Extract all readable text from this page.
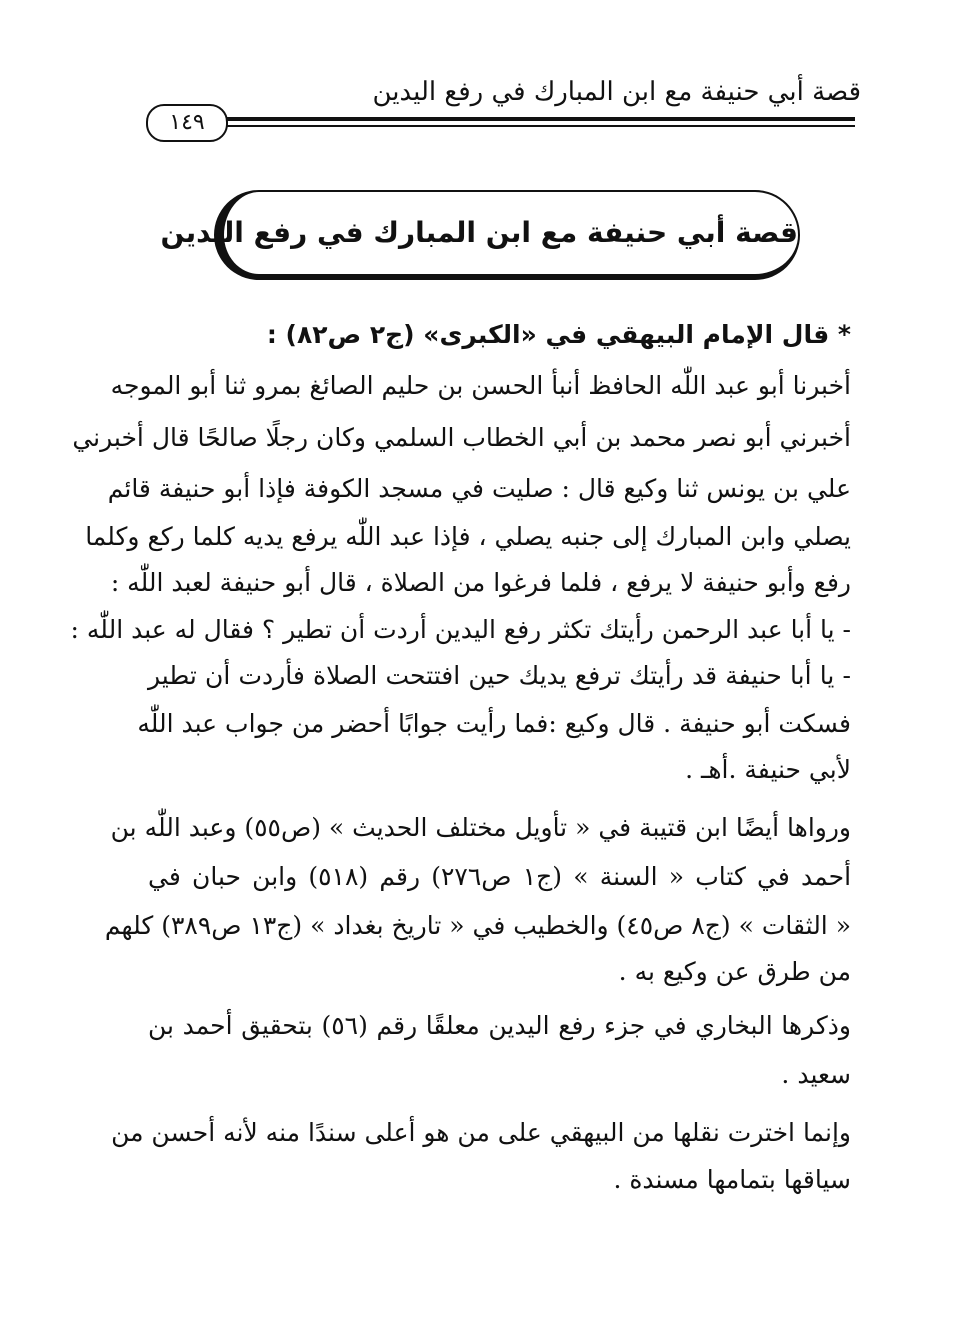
قصة أبي حنيفة مع ابن المبارك في رفع اليدين
١٤٩
قصة أبي حنيفة مع ابن المبارك في رفع اليدين
* قال الإمام البيهقي في «الكبرى» (ج٢ ص٨٢) :
أخبرنا أبو عبد اللّٰه الحافظ أنبأ الحسن بن حليم الصائغ بمرو ثنا أبو الموجه
أخبرني أبو نصر محمد بن أبي الخطاب السلمي وكان رجلًا صالحًا قال أخبرني
علي بن يونس ثنا وكيع قال : صليت في مسجد الكوفة فإذا أبو حنيفة قائم
يصلي وابن المبارك إلى جنبه يصلي ، فإذا عبد اللّٰه يرفع يديه كلما ركع وكلما
رفع وأبو حنيفة لا يرفع ، فلما فرغوا من الصلاة ، قال أبو حنيفة لعبد اللّٰه :
- يا أبا عبد الرحمن رأيتك تكثر رفع اليدين أردت أن تطير ؟ فقال له عبد اللّٰه :
- يا أبا حنيفة قد رأيتك ترفع يديك حين افتتحت الصلاة فأردت أن تطير
فسكت أبو حنيفة . قال وكيع :فما رأيت جوابًا أحضر من جواب عبد اللّٰه
لأبي حنيفة .أهـ .
ورواها أيضًا ابن قتيبة في « تأويل مختلف الحديث » (ص٥٥) وعبد اللّٰه بن
أحمد في كتاب « السنة » (ج١ ص٢٧٦) رقم (٥١٨) وابن حبان في
« الثقات » (ج٨ ص٤٥) والخطيب في « تاريخ بغداد » (ج١٣ ص٣٨٩) كلهم
من طرق عن وكيع به .
وذكرها البخاري في جزء رفع اليدين معلقًا رقم (٥٦) بتحقيق أحمد بن
سعيد .
وإنما اخترت نقلها من البيهقي على من هو أعلى سندًا منه لأنه أحسن من
سياقها بتمامها مسندة .
